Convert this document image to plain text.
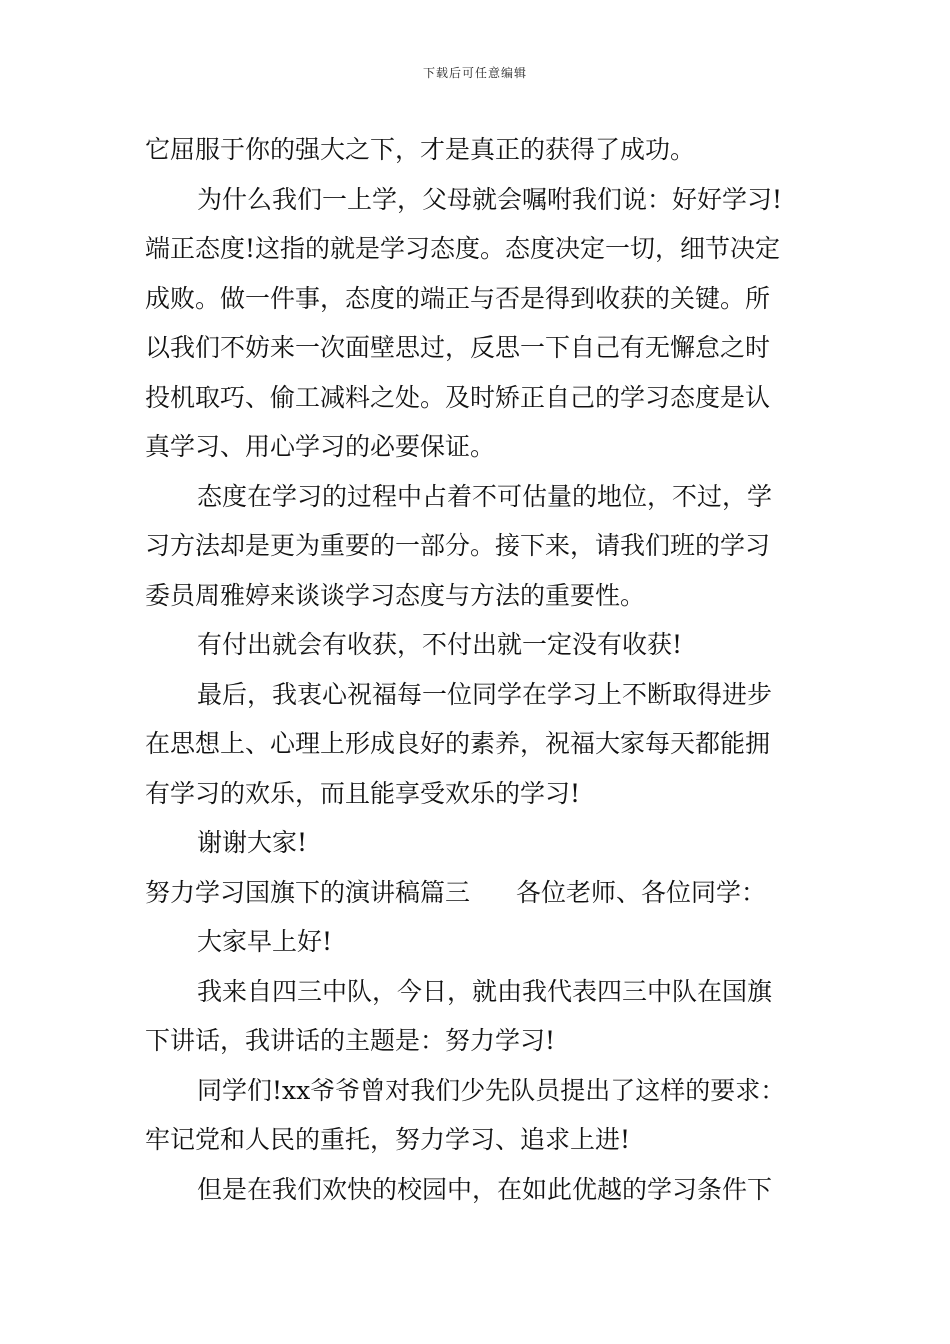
下载后可任意编辑
它屈服于你的强大之下，才是真正的获得了成功。
为什么我们一上学，父母就会嘱咐我们说：好好学习!
端正态度!这指的就是学习态度。态度决定一切，细节决定
成败。做一件事，态度的端正与否是得到收获的关键。所
以我们不妨来一次面壁思过，反思一下自己有无懈怠之时
投机取巧、偷工减料之处。及时矫正自己的学习态度是认
真学习、用心学习的必要保证。
态度在学习的过程中占着不可估量的地位，不过，学
习方法却是更为重要的一部分。接下来，请我们班的学习
委员周雅婷来谈谈学习态度与方法的重要性。
有付出就会有收获，不付出就一定没有收获!
最后，我衷心祝福每一位同学在学习上不断取得进步
在思想上、心理上形成良好的素养，祝福大家每天都能拥
有学习的欢乐，而且能享受欢乐的学习!
谢谢大家!
努力学习国旗下的演讲稿篇三 各位老师、各位同学：
大家早上好!
我来自四三中队，今日，就由我代表四三中队在国旗
下讲话，我讲话的主题是：努力学习!
同学们!xx爷爷曾对我们少先队员提出了这样的要求：
牢记党和人民的重托，努力学习、追求上进!
但是在我们欢快的校园中，在如此优越的学习条件下
